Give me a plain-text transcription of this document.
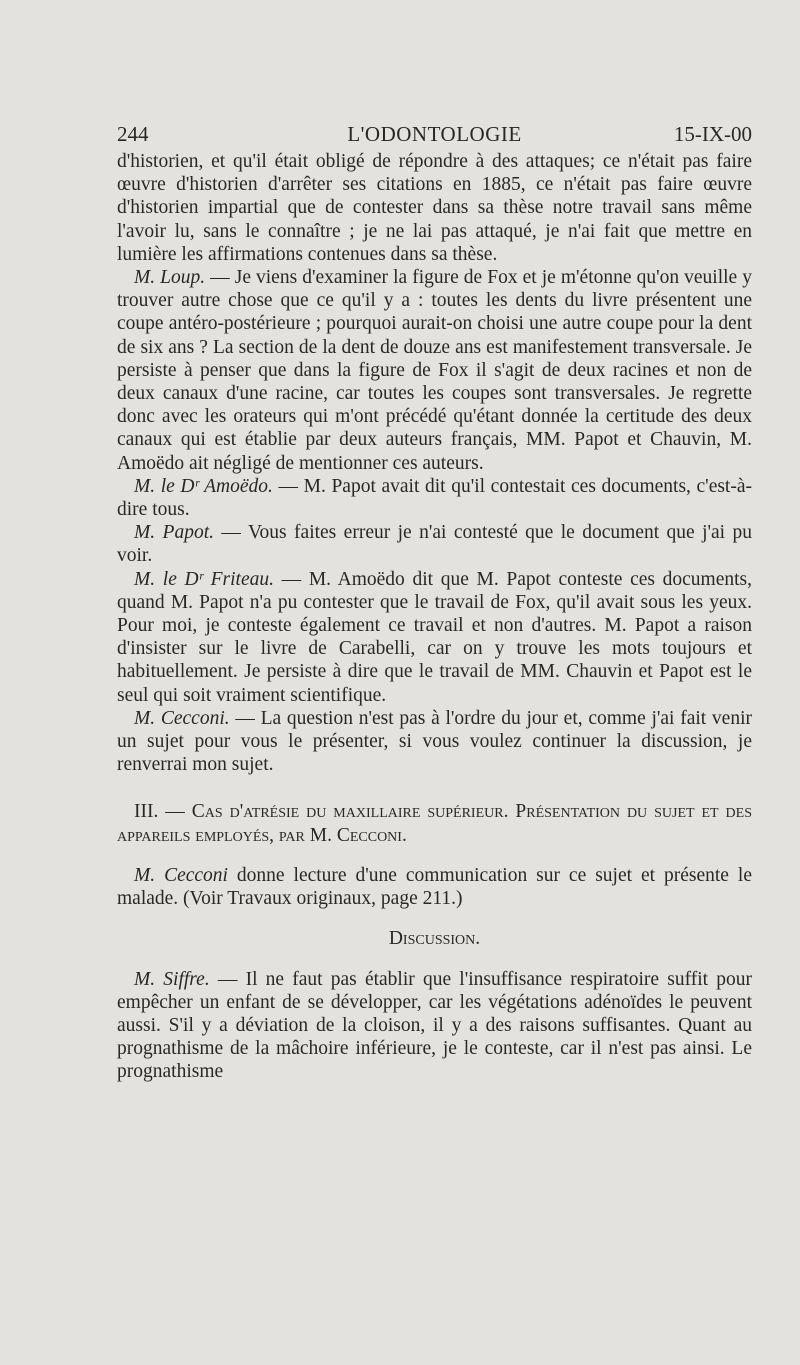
244	L'ODONTOLOGIE	15-IX-00

d'historien, et qu'il était obligé de répondre à des attaques; ce n'était pas faire œuvre d'historien d'arrêter ses citations en 1885, ce n'était pas faire œuvre d'historien impartial que de contester dans sa thèse notre travail sans même l'avoir lu, sans le connaître ; je ne lai pas attaqué, je n'ai fait que mettre en lumière les affirmations contenues dans sa thèse.

M. Loup. — Je viens d'examiner la figure de Fox et je m'étonne qu'on veuille y trouver autre chose que ce qu'il y a : toutes les dents du livre présentent une coupe antéro-postérieure ; pourquoi aurait-on choisi une autre coupe pour la dent de six ans ? La section de la dent de douze ans est manifestement transversale. Je persiste à penser que dans la figure de Fox il s'agit de deux racines et non de deux canaux d'une racine, car toutes les coupes sont transversales. Je regrette donc avec les orateurs qui m'ont précédé qu'étant donnée la certitude des deux canaux qui est établie par deux auteurs français, MM. Papot et Chauvin, M. Amoëdo ait négligé de mentionner ces auteurs.

M. le Dʳ Amoëdo. — M. Papot avait dit qu'il contestait ces documents, c'est-à-dire tous.

M. Papot. — Vous faites erreur je n'ai contesté que le document que j'ai pu voir.

M. le Dʳ Friteau. — M. Amoëdo dit que M. Papot conteste ces documents, quand M. Papot n'a pu contester que le travail de Fox, qu'il avait sous les yeux. Pour moi, je conteste également ce travail et non d'autres. M. Papot a raison d'insister sur le livre de Carabelli, car on y trouve les mots toujours et habituellement. Je persiste à dire que le travail de MM. Chauvin et Papot est le seul qui soit vraiment scientifique.

M. Cecconi. — La question n'est pas à l'ordre du jour et, comme j'ai fait venir un sujet pour vous le présenter, si vous voulez continuer la discussion, je renverrai mon sujet.

III. — Cas d'atrésie du maxillaire supérieur. Présentation du sujet et des appareils employés, par M. Cecconi.

M. Cecconi donne lecture d'une communication sur ce sujet et présente le malade. (Voir Travaux originaux, page 211.)

Discussion.

M. Siffre. — Il ne faut pas établir que l'insuffisance respiratoire suffit pour empêcher un enfant de se développer, car les végétations adénoïdes le peuvent aussi. S'il y a déviation de la cloison, il y a des raisons suffisantes. Quant au prognathisme de la mâchoire inférieure, je le conteste, car il n'est pas ainsi. Le prognathisme
